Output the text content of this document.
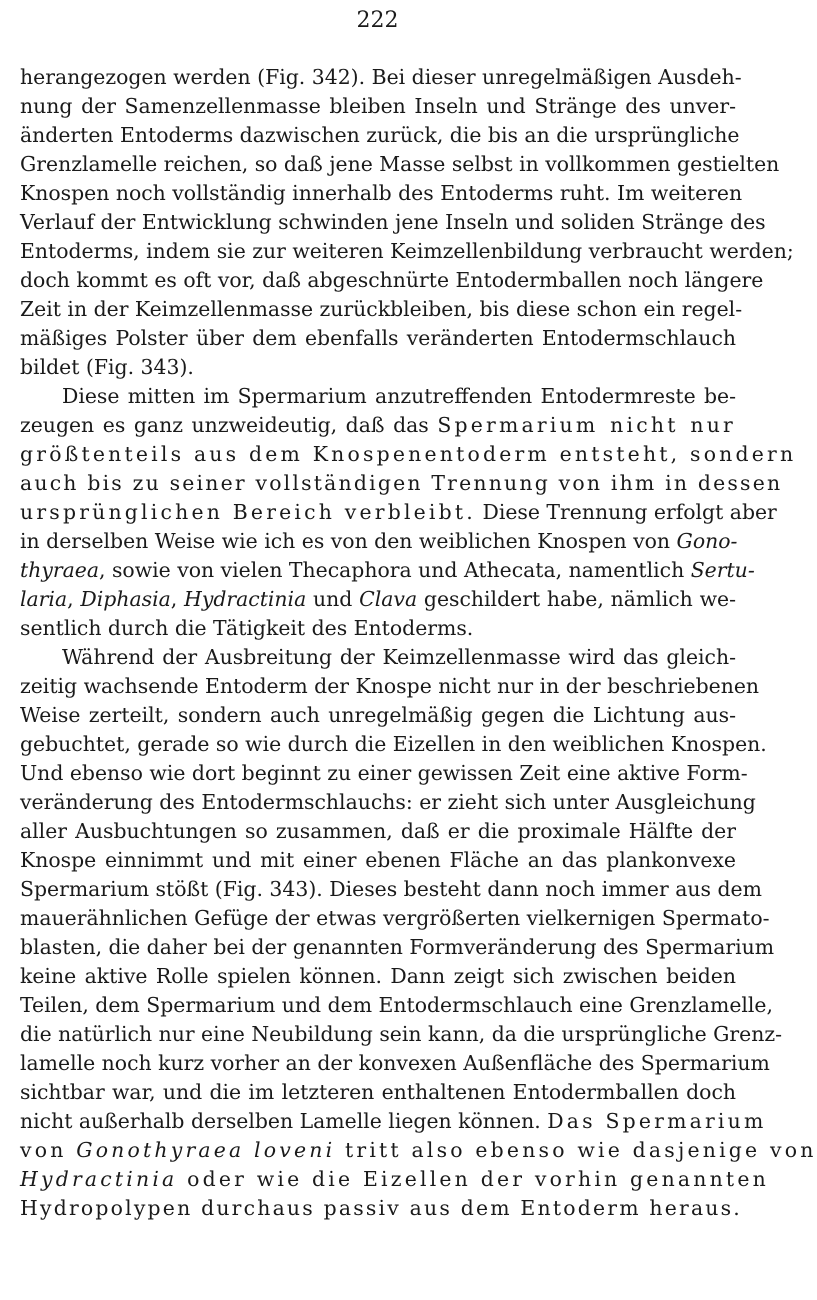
222
herangezogen werden (Fig. 342). Bei dieser unregelmäßigen Ausdeh-
nung der Samenzellenmasse bleiben Inseln und Stränge des unver-
änderten Entoderms dazwischen zurück, die bis an die ursprüngliche
Grenzlamelle reichen, so daß jene Masse selbst in vollkommen gestielten
Knospen noch vollständig innerhalb des Entoderms ruht. Im weiteren
Verlauf der Entwicklung schwinden jene Inseln und soliden Stränge des
Entoderms, indem sie zur weiteren Keimzellenbildung verbraucht werden;
doch kommt es oft vor, daß abgeschnürte Entodermballen noch längere
Zeit in der Keimzellenmasse zurückbleiben, bis diese schon ein regel-
mäßiges Polster über dem ebenfalls veränderten Entodermschlauch
bildet (Fig. 343).
Diese mitten im Spermarium anzutreffenden Entodermreste be-
zeugen es ganz unzweideutig, daß das Spermarium nicht nur
größtenteils aus dem Knospenentoderm entsteht, sondern
auch bis zu seiner vollständigen Trennung von ihm in dessen
ursprünglichen Bereich verbleibt. Diese Trennung erfolgt aber
in derselben Weise wie ich es von den weiblichen Knospen von Gono-
thyraea, sowie von vielen Thecaphora und Athecata, namentlich Sertu-
laria, Diphasia, Hydractinia und Clava geschildert habe, nämlich we-
sentlich durch die Tätigkeit des Entoderms.
Während der Ausbreitung der Keimzellenmasse wird das gleich-
zeitig wachsende Entoderm der Knospe nicht nur in der beschriebenen
Weise zerteilt, sondern auch unregelmäßig gegen die Lichtung aus-
gebuchtet, gerade so wie durch die Eizellen in den weiblichen Knospen.
Und ebenso wie dort beginnt zu einer gewissen Zeit eine aktive Form-
veränderung des Entodermschlauchs: er zieht sich unter Ausgleichung
aller Ausbuchtungen so zusammen, daß er die proximale Hälfte der
Knospe einnimmt und mit einer ebenen Fläche an das plankonvexe
Spermarium stößt (Fig. 343). Dieses besteht dann noch immer aus dem
mauerähnlichen Gefüge der etwas vergrößerten vielkernigen Spermato-
blasten, die daher bei der genannten Formveränderung des Spermarium
keine aktive Rolle spielen können. Dann zeigt sich zwischen beiden
Teilen, dem Spermarium und dem Entodermschlauch eine Grenzlamelle,
die natürlich nur eine Neubildung sein kann, da die ursprüngliche Grenz-
lamelle noch kurz vorher an der konvexen Außenfläche des Spermarium
sichtbar war, und die im letzteren enthaltenen Entodermballen doch
nicht außerhalb derselben Lamelle liegen können. Das Spermarium
von Gonothyraea loveni tritt also ebenso wie dasjenige von
Hydractinia oder wie die Eizellen der vorhin genannten
Hydropolypen durchaus passiv aus dem Entoderm heraus.
